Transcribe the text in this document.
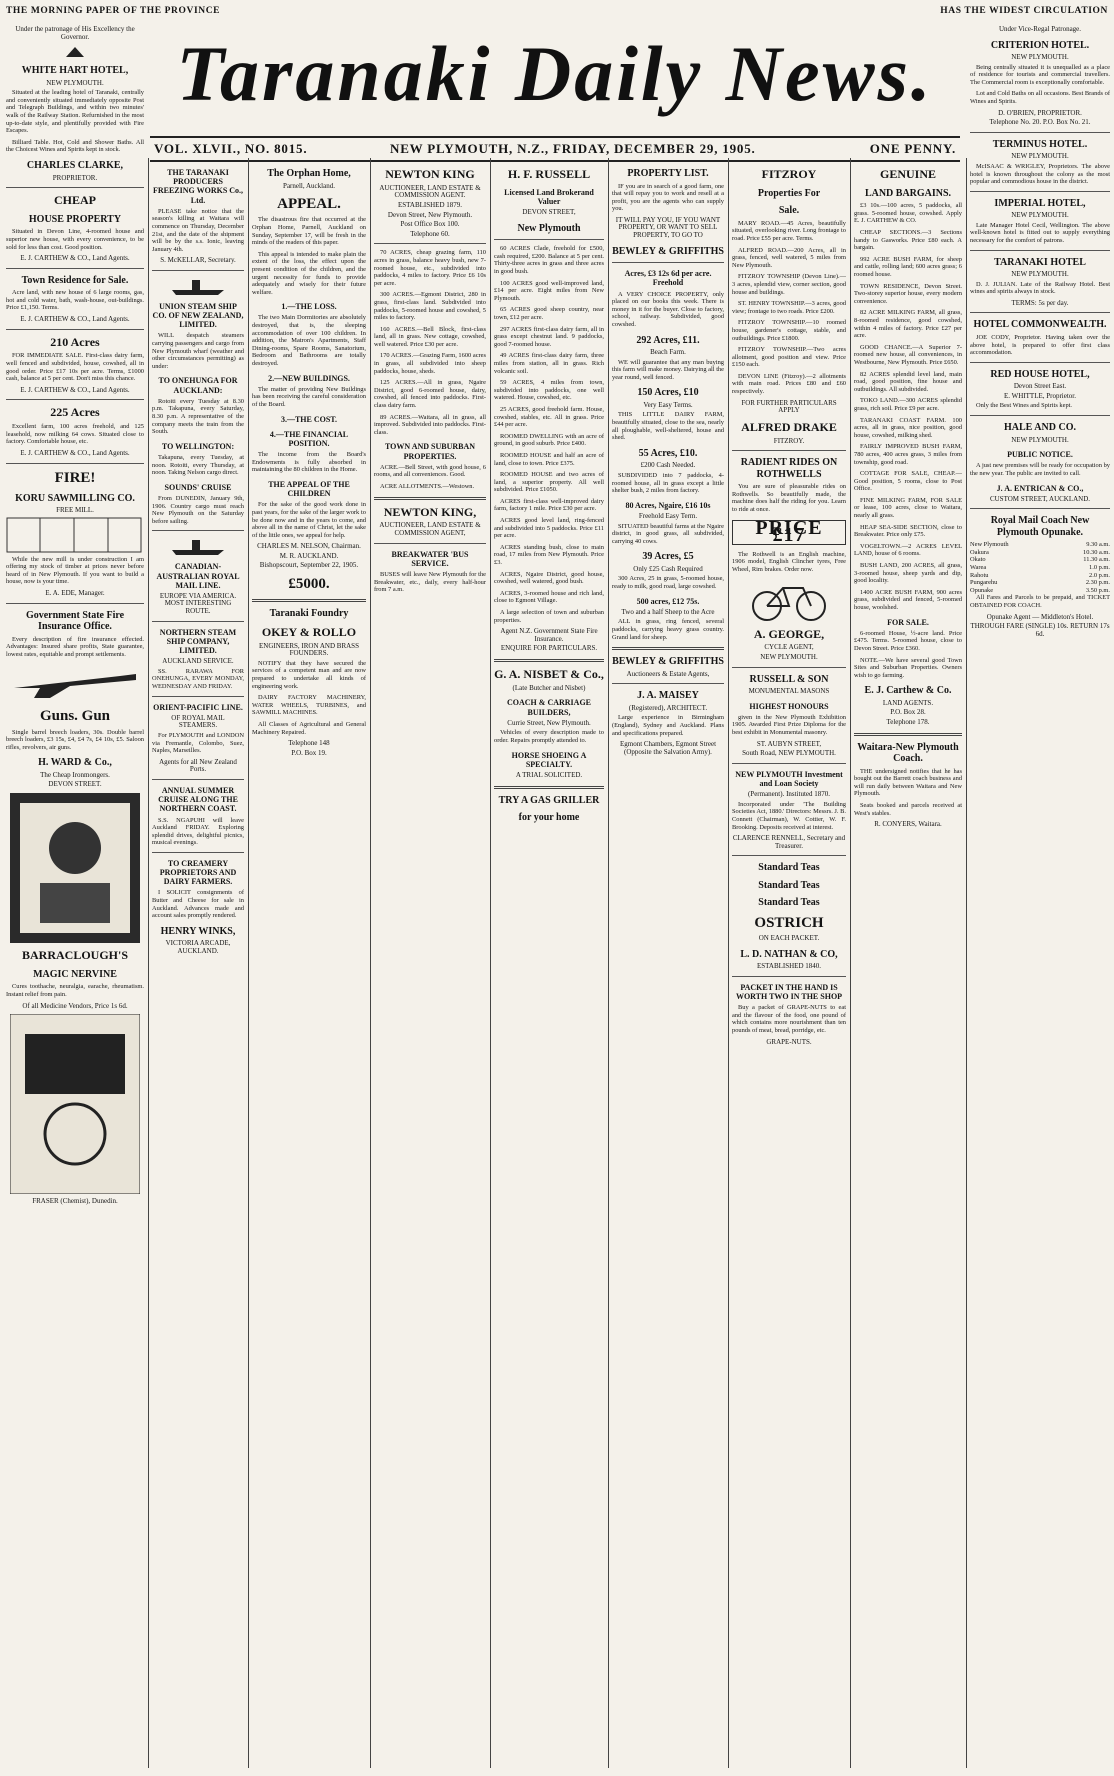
THE MORNING PAPER OF THE PROVINCE	HAS THE WIDEST CIRCULATION
Taranaki Daily News.
VOL. XLVII., NO. 8015.	NEW PLYMOUTH, N.Z., FRIDAY, DECEMBER 29, 1905.	ONE PENNY.
Under the patronage of His Excellency the Governor.
WHITE HART HOTEL,
NEW PLYMOUTH.
Situated at the leading hotel of Taranaki, centrally and conveniently situated immediately opposite Post and Telegraph Buildings, and within two minutes' walk of the Railway Station. Refurnished in the most up-to-date style, and plentifully provided with Fire Escapes.
Billiard Table. Hot, Cold and Shower Baths. All the Choicest Wines and Spirits kept in stock.
CHARLES CLARKE,
PROPRIETOR.
CHEAP
HOUSE PROPERTY
Situated in Devon Line, 4-roomed house and superior new house, with every convenience, to be sold for less than cost. Good position.
E. J. CARTHEW & CO., Land Agents.
Town Residence for Sale.
Acre land, with new house of 6 large rooms, gas, hot and cold water, bath, wash-house, out-buildings. Price £1,150. Terms.
E. J. CARTHEW & CO., Land Agents.
210 Acres
FOR IMMEDIATE SALE. First-class dairy farm, well fenced and subdivided, house, cowshed, all in good order. Price £17 10s per acre. Terms, £1000 cash, balance at 5 per cent. Don't miss this chance.
E. J. CARTHEW & CO., Land Agents.
225 Acres
Excellent farm, 100 acres freehold, and 125 leasehold, now milking 64 cows. Situated close to factory. Comfortable house, etc.
E. J. CARTHEW & CO., Land Agents.
FIRE!
KORU SAWMILLING CO.
FREE MILL.
While the new mill is under construction I am offering my stock of timber at prices never before heard of in New Plymouth. If you want to build a house, now is your time.
E. A. EDE, Manager.
Government State Fire Insurance Office.
Every description of fire insurance effected. Advantages: Insured share profits, State guarantee, lowest rates, equitable and prompt settlements.
Guns. Gun
Single barrel breech loaders, 30s. Double barrel breech loaders, £3 15s, £4, £4 7s, £4 10s, £5. Saloon rifles, revolvers, air guns.
H. WARD & Co.,
The Cheap Ironmongers.
DEVON STREET.
BARRACLOUGH'S
MAGIC NERVINE
Cures toothache, neuralgia, earache, rheumatism. Instant relief from pain.
Of all Medicine Vendors, Price 1s 6d.
FRASER (Chemist), Dunedin.
THE TARANAKI PRODUCERS FREEZING WORKS Co., Ltd.
PLEASE take notice that the season's killing at Waitara will commence on Thursday, December 21st, and the date of the shipment will be by the s.s. Ionic, leaving January 4th.
S. McKELLAR, Secretary.
UNION STEAM SHIP CO. OF NEW ZEALAND, LIMITED.
WILL despatch steamers carrying passengers and cargo from New Plymouth wharf (weather and other circumstances permitting) as under:
TO ONEHUNGA FOR AUCKLAND:
Rotoiti every Tuesday at 8.30 p.m. Takapuna, every Saturday, 8.30 p.m. A representative of the company meets the train from the South.
TO WELLINGTON:
Takapuna, every Tuesday, at noon. Rotoiti, every Thursday, at noon. Taking Nelson cargo direct.
SOUNDS' CRUISE
From DUNEDIN, January 9th, 1906. Country cargo must reach New Plymouth on the Saturday before sailing.
CANADIAN-AUSTRALIAN ROYAL MAIL LINE.
EUROPE VIA AMERICA. MOST INTERESTING ROUTE.
NORTHERN STEAM SHIP COMPANY, LIMITED.
AUCKLAND SERVICE.
SS. RARAWA FOR ONEHUNGA, EVERY MONDAY, WEDNESDAY AND FRIDAY.
ORIENT-PACIFIC LINE.
OF ROYAL MAIL STEAMERS.
For PLYMOUTH and LONDON via Fremantle, Colombo, Suez, Naples, Marseilles.
Agents for all New Zealand Ports.
ANNUAL SUMMER CRUISE ALONG THE NORTHERN COAST.
S.S. NGAPUHI will leave Auckland FRIDAY. Exploring splendid drives, delightful picnics, musical evenings.
TO CREAMERY PROPRIETORS AND DAIRY FARMERS.
I SOLICIT consignments of Butter and Cheese for sale in Auckland. Advances made and account sales promptly rendered.
HENRY WINKS,
VICTORIA ARCADE, AUCKLAND.
The Orphan Home,
Parnell, Auckland.
APPEAL.
The disastrous fire that occurred at the Orphan Home, Parnell, Auckland on Sunday, September 17, will be fresh in the minds of the readers of this paper.
This appeal is intended to make plain the extent of the loss, the effect upon the present condition of the children, and the urgent necessity for funds to provide adequately and wisely for their future welfare.
1.—THE LOSS.
The two Main Dormitories are absolutely destroyed, that is, the sleeping accommodation of over 100 children. In addition, the Matron's Apartments, Staff Dining-rooms, Spare Rooms, Sanatorium, Bedroom and Bathrooms are totally destroyed.
2.—NEW BUILDINGS.
The matter of providing New Buildings has been receiving the careful consideration of the Board.
3.—THE COST.
4.—THE FINANCIAL POSITION.
The income from the Board's Endowments is fully absorbed in maintaining the 80 children in the Home.
THE APPEAL OF THE CHILDREN
For the sake of the good work done in past years, for the sake of the larger work to be done now and in the years to come, and above all in the name of Christ, let the sake of the little ones, we appeal for help.
CHARLES M. NELSON, Chairman.
M. R. AUCKLAND.
Bishopscourt, September 22, 1905.
£5000.
Taranaki Foundry
OKEY & ROLLO
ENGINEERS, IRON AND BRASS FOUNDERS.
NOTIFY that they have secured the services of a competent man and are now prepared to undertake all kinds of engineering work.
DAIRY FACTORY MACHINERY, WATER WHEELS, TURBINES, and SAWMILL MACHINES.
All Classes of Agricultural and General Machinery Repaired.
Telephone 148
P.O. Box 19.
NEWTON KING
AUCTIONEER, LAND ESTATE & COMMISSION AGENT.
ESTABLISHED 1879.
Devon Street, New Plymouth.
Post Office Box 100.
Telephone 60.
70 ACRES, cheap grazing farm, 110 acres in grass, balance heavy bush, new 7-roomed house, etc., subdivided into paddocks, 4 miles to factory. Price £6 10s per acre.
300 ACRES.—Egmont District, 280 in grass, first-class land. Subdivided into paddocks, 5-roomed house and cowshed, 5 miles to factory.
160 ACRES.—Bell Block, first-class land, all in grass. New cottage, cowshed, well watered. Price £30 per acre.
170 ACRES.—Grazing Farm, 1600 acres in grass, all subdivided into sheep paddocks, house, sheds.
125 ACRES.—All in grass, Ngaire District, good 6-roomed house, dairy, cowshed, all fenced into paddocks. First-class dairy farm.
89 ACRES.—Waitara, all in grass, all improved. Subdivided into paddocks. First-class.
TOWN AND SUBURBAN PROPERTIES.
ACRE.—Bell Street, with good house, 6 rooms, and all conveniences. Good.
ACRE ALLOTMENTS.—Westown.
NEWTON KING,
AUCTIONEER, LAND ESTATE & COMMISSION AGENT,
BREAKWATER 'BUS SERVICE.
BUSES will leave New Plymouth for the Breakwater, etc., daily, every half-hour from 7 a.m.
H. F. RUSSELL
Licensed Land Brokerand Valuer
DEVON STREET,
New Plymouth
60 ACRES Clade, freehold for £500, cash required, £200. Balance at 5 per cent. Thirty-three acres in grass and three acres in good bush.
100 ACRES good well-improved land, £14 per acre. Eight miles from New Plymouth.
65 ACRES good sheep country, near town, £12 per acre.
297 ACRES first-class dairy farm, all in grass except chestnut land. 9 paddocks, good 7-roomed house.
49 ACRES first-class dairy farm, three miles from station, all in grass. Rich volcanic soil.
59 ACRES, 4 miles from town, subdivided into paddocks, one well watered. House, cowshed, etc.
25 ACRES, good freehold farm. House, cowshed, stables, etc. All in grass. Price £44 per acre.
ROOMED DWELLING with an acre of ground, in good suburb. Price £400.
ROOMED HOUSE and half an acre of land, close to town. Price £375.
ROOMED HOUSE and two acres of land, a superior property. All well subdivided. Price £1050.
ACRES first-class well-improved dairy farm, factory 1 mile. Price £30 per acre.
ACRES good level land, ring-fenced and subdivided into 5 paddocks. Price £11 per acre.
ACRES standing bush, close to main road, 17 miles from New Plymouth. Price £3.
ACRES, Ngaire District, good house, cowshed, well watered, good bush.
ACRES, 3-roomed house and rich land, close to Egmont Village.
A large selection of town and suburban properties.
Agent N.Z. Government State Fire Insurance.
ENQUIRE FOR PARTICULARS.
G. A. NISBET & Co.,
(Late Butcher and Nisbet)
COACH & CARRIAGE BUILDERS,
Currie Street, New Plymouth.
Vehicles of every description made to order. Repairs promptly attended to.
HORSE SHOEING A SPECIALTY.
A TRIAL SOLICITED.
TRY A GAS GRILLER
for your home
PROPERTY LIST.
IF you are in search of a good farm, one that will repay you to work and resell at a profit, you are the agents who can supply you.
IT WILL PAY YOU, IF YOU WANT PROPERTY, OR WANT TO SELL PROPERTY, TO GO TO
BEWLEY & GRIFFITHS
Acres, £3 12s 6d per acre. Freehold
A VERY CHOICE PROPERTY, only placed on our books this week. There is money in it for the buyer. Close to factory, school, railway. Subdivided, good cowshed.
292 Acres, £11.
Beach Farm.
WE will guarantee that any man buying this farm will make money. Dairying all the year round, well fenced.
150 Acres, £10
Very Easy Terms.
THIS LITTLE DAIRY FARM, beautifully situated, close to the sea, nearly all ploughable, well-sheltered, house and shed.
55 Acres, £10.
£200 Cash Needed.
SUBDIVIDED into 7 paddocks, 4-roomed house, all in grass except a little shelter bush, 2 miles from factory.
80 Acres, Ngaire, £16 10s
Freehold Easy Term.
SITUATED beautiful farms at the Ngaire district, in good grass, all subdivided, carrying 40 cows.
39 Acres, £5
Only £25 Cash Required
300 Acres, 25 in grass, 5-roomed house, ready to milk, good road, large cowshed.
500 acres, £12 75s.
Two and a half Sheep to the Acre
ALL in grass, ring fenced, several paddocks, carrying heavy grass country. Grand land for sheep.
BEWLEY & GRIFFITHS
Auctioneers & Estate Agents,
J. A. MAISEY
(Registered), ARCHITECT.
Large experience in Birmingham (England), Sydney and Auckland. Plans and specifications prepared.
Egmont Chambers, Egmont Street (Opposite the Salvation Army).
FITZROY
Properties For
Sale.
MARY ROAD.—45 Acres, beautifully situated, overlooking river. Long frontage to road. Price £55 per acre. Terms.
ALFRED ROAD.—200 Acres, all in grass, fenced, well watered, 5 miles from New Plymouth.
FITZROY TOWNSHIP (Devon Line).—3 acres, splendid view, corner section, good house and buildings.
ST. HENRY TOWNSHIP.—3 acres, good view; frontage to two roads. Price £200.
FITZROY TOWNSHIP.—10 roomed house, gardener's cottage, stable, and outbuildings. Price £1800.
FITZROY TOWNSHIP.—Two acres allotment, good position and view. Price £150 each.
DEVON LINE (Fitzroy).—2 allotments with main road. Prices £80 and £60 respectively.
FOR FURTHER PARTICULARS APPLY
ALFRED DRAKE
FITZROY.
RADIENT RIDES ON ROTHWELLS
You are sure of pleasurable rides on Rothwells. So beautifully made, the machine does half the riding for you. Learn to ride at once.
PRICE £17
The Rothwell is an English machine, 1906 model, English Clincher tyres, Free Wheel, Rim brakes. Order now.
A. GEORGE,
CYCLE AGENT,
NEW PLYMOUTH.
RUSSELL & SON
MONUMENTAL MASONS
HIGHEST HONOURS
given in the New Plymouth Exhibition 1905. Awarded First Prize Diploma for the best exhibit in Monumental masonry.
ST. AUBYN STREET,
South Road, NEW PLYMOUTH.
NEW PLYMOUTH Investment and Loan Society
(Permanent). Instituted 1870.
Incorporated under 'The Building Societies Act, 1880.' Directors: Messrs. J. B. Connett (Chairman), W. Cottier, W. F. Brooking. Deposits received at interest.
CLARENCE RENNELL, Secretary and Treasurer.
Standard Teas
Standard Teas
Standard Teas
OSTRICH
ON EACH PACKET.
L. D. NATHAN & CO,
ESTABLISHED 1840.
PACKET IN THE HAND IS WORTH TWO IN THE SHOP
Buy a packet of GRAPE-NUTS to eat and the flavour of the food, one pound of which contains more nourishment than ten pounds of meat, bread, porridge, etc.
GRAPE-NUTS.
GENUINE
LAND BARGAINS.
£3 10s.—100 acres, 5 paddocks, all grass. 5-roomed house, cowshed. Apply E. J. CARTHEW & CO.
CHEAP SECTIONS.—3 Sections handy to Gasworks. Price £80 each. A bargain.
992 ACRE BUSH FARM, for sheep and cattle, rolling land; 600 acres grass; 6 roomed house.
TOWN RESIDENCE, Devon Street. Two-storey superior house, every modern convenience.
82 ACRE MILKING FARM, all grass, 8-roomed residence, good cowshed, within 4 miles of factory. Price £27 per acre.
GOOD CHANCE.—A Superior 7-roomed new house, all conveniences, in Westbourne, New Plymouth. Price £650.
82 ACRES splendid level land, main road, good position, fine house and outbuildings. All subdivided.
TOKO LAND.—300 ACRES splendid grass, rich soil. Price £9 per acre.
TARANAKI COAST FARM. 100 acres, all in grass, nice position, good house, cowshed, milking shed.
FAIRLY IMPROVED BUSH FARM, 780 acres, 400 acres grass, 3 miles from township, good road.
COTTAGE FOR SALE, CHEAP.—Good position, 5 rooms, close to Post Office.
FINE MILKING FARM, FOR SALE or lease, 100 acres, close to Waitara, nearly all grass.
HEAP SEA-SIDE SECTION, close to Breakwater. Price only £75.
VOGELTOWN.—2 ACRES LEVEL LAND, house of 6 rooms.
BUSH LAND, 200 ACRES, all grass, 3-roomed house, sheep yards and dip, good locality.
1400 ACRE BUSH FARM, 900 acres grass, subdivided and fenced, 5-roomed house, woolshed.
FOR SALE.
6-roomed House, ½-acre land. Price £475. Terms. 5-roomed house, close to Devon Street. Price £360.
NOTE.—We have several good Town Sites and Suburban Properties. Owners wish to go farming.
E. J. Carthew & Co.
LAND AGENTS.
P.O. Box 28.
Telephone 178.
Waitara-New Plymouth Coach.
THE undersigned notifies that he has bought out the Barrett coach business and will run daily between Waitara and New Plymouth.
Seats booked and parcels received at West's stables.
R. CONYERS, Waitara.
Under Vice-Regal Patronage.
CRITERION HOTEL.
NEW PLYMOUTH.
Being centrally situated it is unequalled as a place of residence for tourists and commercial travellers. The Commercial room is exceptionally comfortable.
Lot and Cold Baths on all occasions. Best Brands of Wines and Spirits.
D. O'BRIEN, PROPRIETOR.
Telephone No. 20. P.O. Box No. 21.
TERMINUS HOTEL.
NEW PLYMOUTH.
McISAAC & WRIGLEY, Proprietors. The above hotel is known throughout the colony as the most popular and commodious house in the district.
IMPERIAL HOTEL,
NEW PLYMOUTH.
Late Manager Hotel Cecil, Wellington. The above well-known hotel is fitted out to supply everything necessary for the comfort of patrons.
TARANAKI HOTEL
NEW PLYMOUTH.
D. J. JULIAN. Late of the Railway Hotel. Best wines and spirits always in stock.
TERMS: 5s per day.
HOTEL COMMONWEALTH.
JOE CODY, Proprietor. Having taken over the above hotel, is prepared to offer first class accommodation.
RED HOUSE HOTEL,
Devon Street East.
E. WHITTLE, Proprietor.
Only the Best Wines and Spirits kept.
HALE AND CO.
NEW PLYMOUTH.
PUBLIC NOTICE.
A just new premises will be ready for occupation by the new year. The public are invited to call.
J. A. ENTRICAN & CO.,
CUSTOM STREET, AUCKLAND.
Royal Mail Coach New Plymouth Opunake.
New Plymouth	9.30 a.m.
Oakura	10.30 a.m.
Okato	11.30 a.m.
Warea	1.0 p.m.
Rahotu	2.0 p.m.
Pungarehu	2.30 p.m.
Opunake	3.50 p.m.
All Fares and Parcels to be prepaid, and TICKET OBTAINED FOR COACH.
Opunake Agent — Middleton's Hotel.
THROUGH FARE (SINGLE) 10s. RETURN 17s 6d.
